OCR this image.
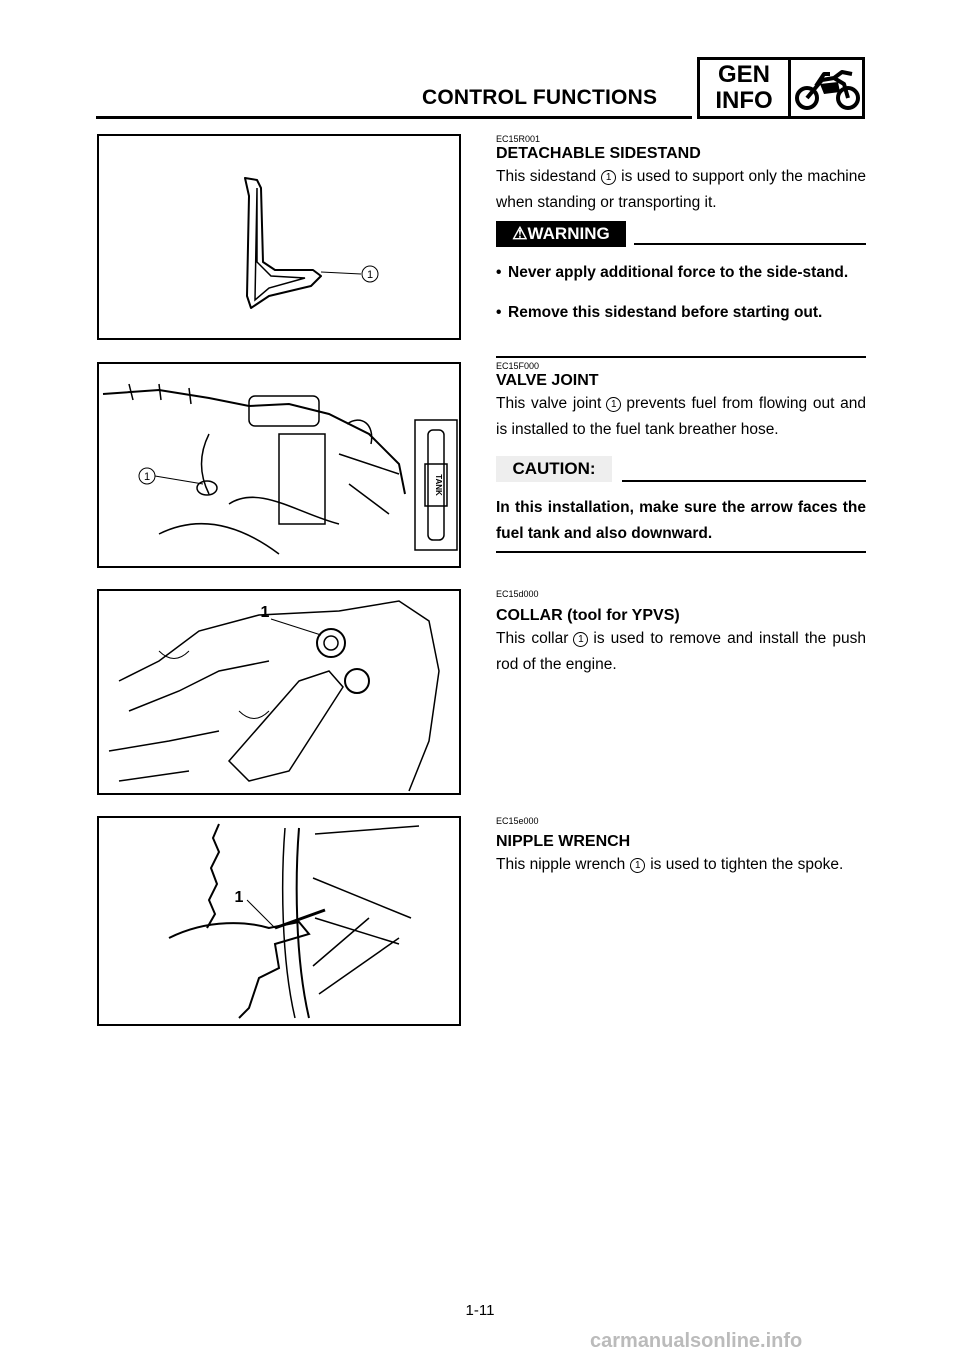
CONTROL FUNCTIONS
GEN
INFO
1
TANK
1
1
1
EC15R001
DETACHABLE SIDESTAND
This sidestand 1 is used to support only the machine when standing or transporting it.
⚠WARNING
• Never apply additional force to the side-stand.
• Remove this sidestand before starting out.
EC15F000
VALVE JOINT
This valve joint 1 prevents fuel from flowing out and is installed to the fuel tank breather hose.
CAUTION:
In this installation, make sure the arrow faces the fuel tank and also downward.
EC15d000
COLLAR (tool for YPVS)
This collar 1 is used to remove and install the push rod of the engine.
EC15e000
NIPPLE WRENCH
This nipple wrench 1 is used to tighten the spoke.
1-11
carmanualsonline.info
